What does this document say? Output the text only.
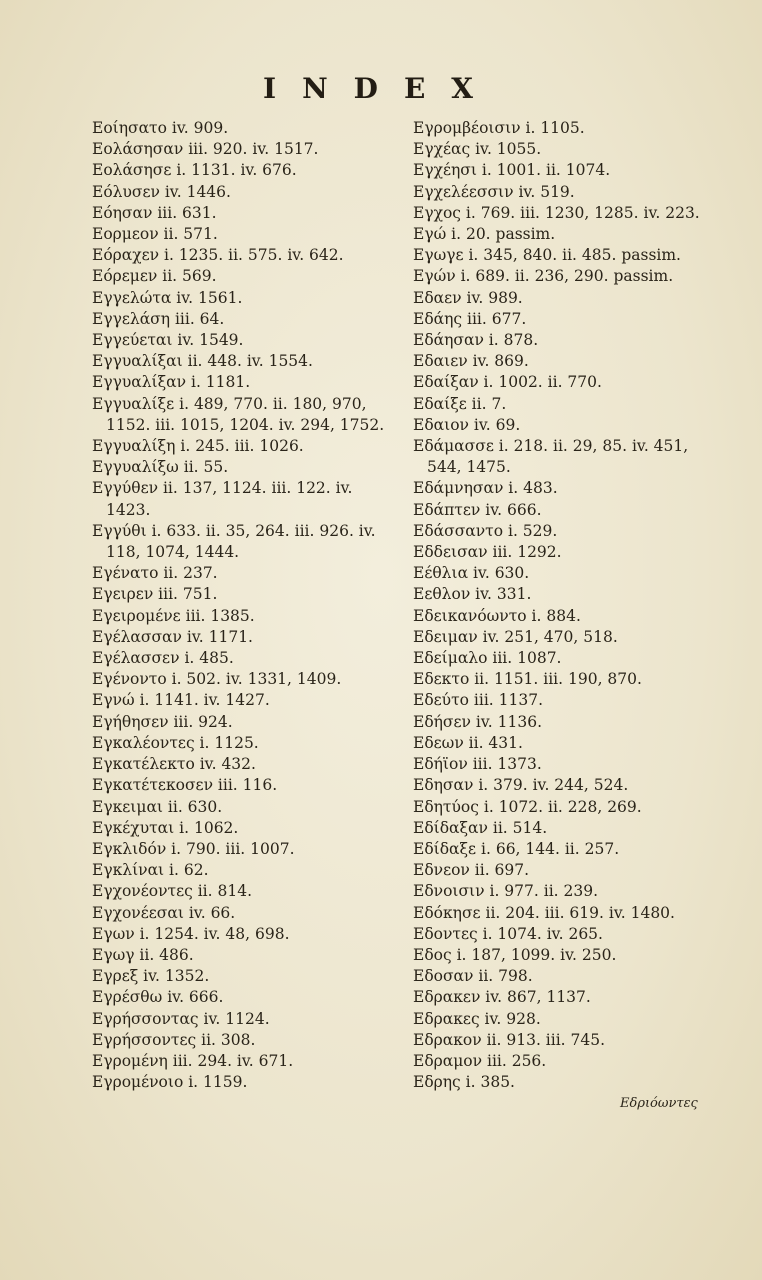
INDEX

Εοίησατο iv. 909.

Εολάσησαν iii. 920. iv. 1517.

Εολάσησε i. 1131. iv. 676.

Εόλυσεν iv. 1446.

Εόησαν iii. 631.

Εορμεον ii. 571.

Εόραχεν i. 1235. ii. 575. iv. 642.

Εόρεμεν ii. 569.

Εγγελώτα iv. 1561.

Εγγελάση iii. 64.

Εγγεύεται iv. 1549.

Εγγυαλίξαι ii. 448. iv. 1554.

Εγγυαλίξαν i. 1181.

Εγγυαλίξε i. 489, 770. ii. 180, 970, 1152. iii. 1015, 1204. iv. 294, 1752.

Εγγυαλίξη i. 245. iii. 1026.

Εγγυαλίξω ii. 55.

Εγγύθεν ii. 137, 1124. iii. 122. iv. 1423.

Εγγύθι i. 633. ii. 35, 264. iii. 926. iv. 118, 1074, 1444.

Εγένατο ii. 237.

Εγειρεν iii. 751.

Εγειρομένε iii. 1385.

Εγέλασσαν iv. 1171.

Εγέλασσεν i. 485.

Εγένοντο i. 502. iv. 1331, 1409.

Εγνώ i. 1141. iv. 1427.

Εγήθησεν iii. 924.

Εγκαλέοντες i. 1125.

Εγκατέλεκτο iv. 432.

Εγκατέτεκοσεν iii. 116.

Εγκειμαι ii. 630.

Εγκέχυται i. 1062.

Εγκλιδόν i. 790. iii. 1007.

Εγκλίναι i. 62.

Εγχονέοντες ii. 814.

Εγχονέεσαι iv. 66.

Εγων i. 1254. iv. 48, 698.

Εγωγ ii. 486.

Εγρεξ iv. 1352.

Εγρέσθω iv. 666.

Εγρήσσοντας iv. 1124.

Εγρήσσοντες ii. 308.

Εγρομένη iii. 294. iv. 671.

Εγρομένοιο i. 1159.

Εγρομβέοισιν i. 1105.

Εγχέας iv. 1055.

Εγχέησι i. 1001. ii. 1074.

Εγχελέεσσιν iv. 519.

Εγχος i. 769. iii. 1230, 1285. iv. 223.

Εγώ i. 20. passim.

Εγωγε i. 345, 840. ii. 485. passim.

Εγών i. 689. ii. 236, 290. passim.

Εδαεν iv. 989.

Εδάης iii. 677.

Εδάησαν i. 878.

Εδαιεν iv. 869.

Εδαίξαν i. 1002. ii. 770.

Εδαίξε ii. 7.

Εδαιον iv. 69.

Εδάμασσε i. 218. ii. 29, 85. iv. 451, 544, 1475.

Εδάμνησαν i. 483.

Εδάπτεν iv. 666.

Εδάσσαντο i. 529.

Εδδεισαν iii. 1292.

Εέθλια iv. 630.

Εεθλον iv. 331.

Εδεικανόωντο i. 884.

Εδειμαν iv. 251, 470, 518.

Εδείμαλο iii. 1087.

Εδεκτο ii. 1151. iii. 190, 870.

Εδεύτο iii. 1137.

Εδήσεν iv. 1136.

Εδεων ii. 431.

Εδήϊον iii. 1373.

Εδησαν i. 379. iv. 244, 524.

Εδητύος i. 1072. ii. 228, 269.

Εδίδαξαν ii. 514.

Εδίδαξε i. 66, 144. ii. 257.

Εδνεον ii. 697.

Εδνοισιν i. 977. ii. 239.

Εδόκησε ii. 204. iii. 619. iv. 1480.

Εδοντες i. 1074. iv. 265.

Εδος i. 187, 1099. iv. 250.

Εδοσαν ii. 798.

Εδρακεν iv. 867, 1137.

Εδρακες iv. 928.

Εδρακον ii. 913. iii. 745.

Εδραμον iii. 256.

Εδρης i. 385.

Εδριόωντες
